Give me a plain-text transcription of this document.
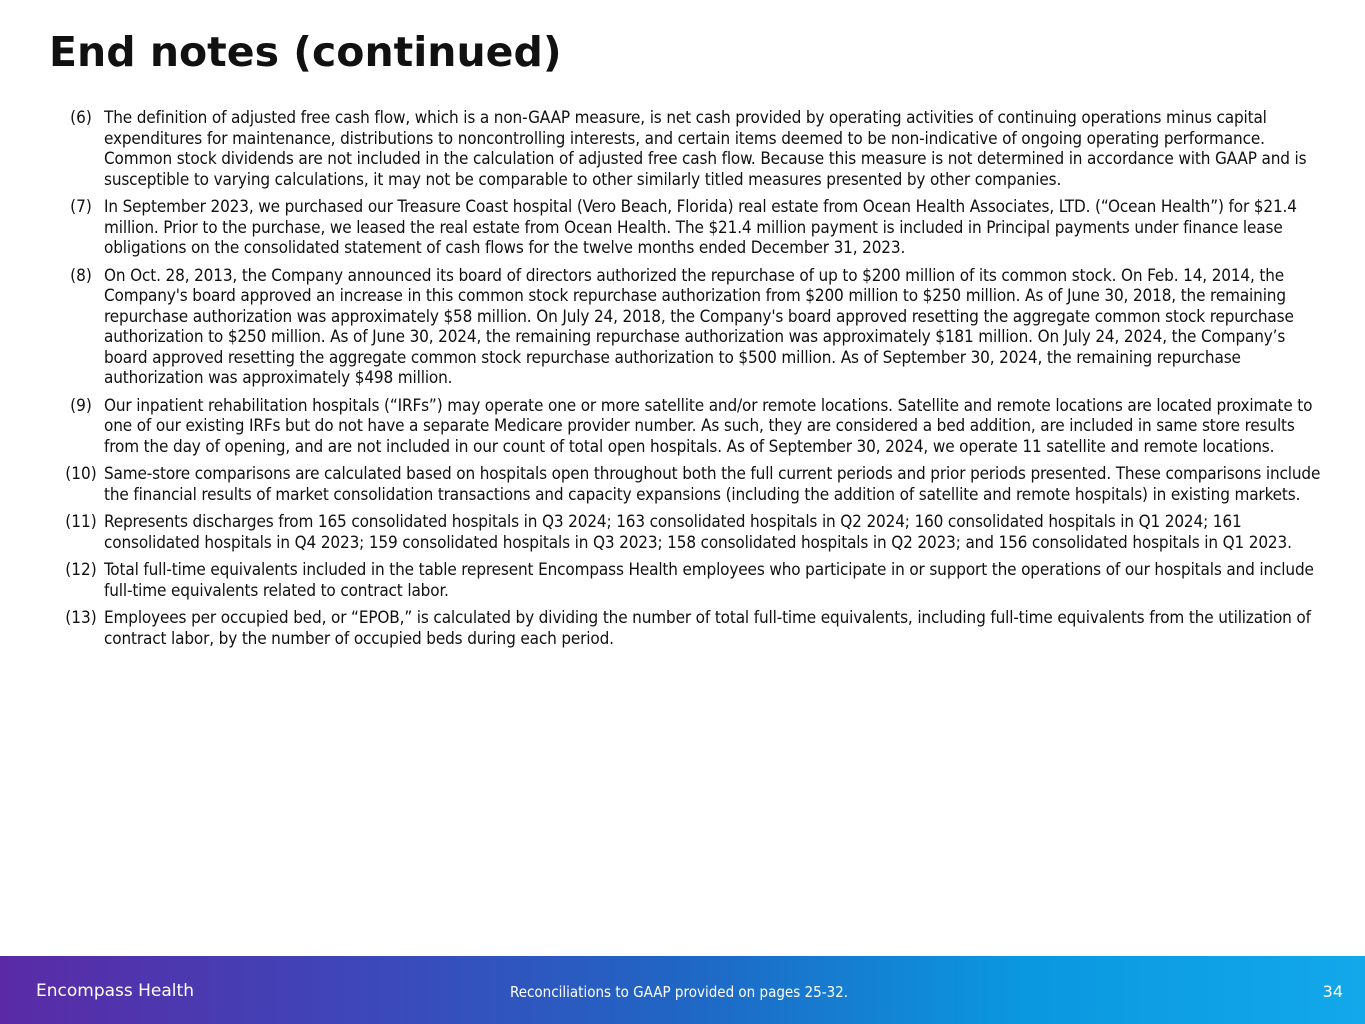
End notes (continued)
(6) The definition of adjusted free cash flow, which is a non-GAAP measure, is net cash provided by operating activities of continuing operations minus capital expenditures for maintenance, distributions to noncontrolling interests, and certain items deemed to be non-indicative of ongoing operating performance. Common stock dividends are not included in the calculation of adjusted free cash flow. Because this measure is not determined in accordance with GAAP and is susceptible to varying calculations, it may not be comparable to other similarly titled measures presented by other companies.
(7) In September 2023, we purchased our Treasure Coast hospital (Vero Beach, Florida) real estate from Ocean Health Associates, LTD. (“Ocean Health”) for $21.4 million. Prior to the purchase, we leased the real estate from Ocean Health. The $21.4 million payment is included in Principal payments under finance lease obligations on the consolidated statement of cash flows for the twelve months ended December 31, 2023.
(8) On Oct. 28, 2013, the Company announced its board of directors authorized the repurchase of up to $200 million of its common stock. On Feb. 14, 2014, the Company's board approved an increase in this common stock repurchase authorization from $200 million to $250 million. As of June 30, 2018, the remaining repurchase authorization was approximately $58 million. On July 24, 2018, the Company's board approved resetting the aggregate common stock repurchase authorization to $250 million. As of June 30, 2024, the remaining repurchase authorization was approximately $181 million. On July 24, 2024, the Company’s board approved resetting the aggregate common stock repurchase authorization to $500 million. As of September 30, 2024, the remaining repurchase authorization was approximately $498 million.
(9) Our inpatient rehabilitation hospitals (“IRFs”) may operate one or more satellite and/or remote locations. Satellite and remote locations are located proximate to one of our existing IRFs but do not have a separate Medicare provider number. As such, they are considered a bed addition, are included in same store results from the day of opening, and are not included in our count of total open hospitals. As of September 30, 2024, we operate 11 satellite and remote locations.
(10) Same-store comparisons are calculated based on hospitals open throughout both the full current periods and prior periods presented. These comparisons include the financial results of market consolidation transactions and capacity expansions (including the addition of satellite and remote hospitals) in existing markets.
(11) Represents discharges from 165 consolidated hospitals in Q3 2024; 163 consolidated hospitals in Q2 2024; 160 consolidated hospitals in Q1 2024; 161 consolidated hospitals in Q4 2023; 159 consolidated hospitals in Q3 2023; 158 consolidated hospitals in Q2 2023; and 156 consolidated hospitals in Q1 2023.
(12) Total full-time equivalents included in the table represent Encompass Health employees who participate in or support the operations of our hospitals and include full-time equivalents related to contract labor.
(13) Employees per occupied bed, or “EPOB,” is calculated by dividing the number of total full-time equivalents, including full-time equivalents from the utilization of contract labor, by the number of occupied beds during each period.
Encompass Health	Reconciliations to GAAP provided on pages 25-32.	34
